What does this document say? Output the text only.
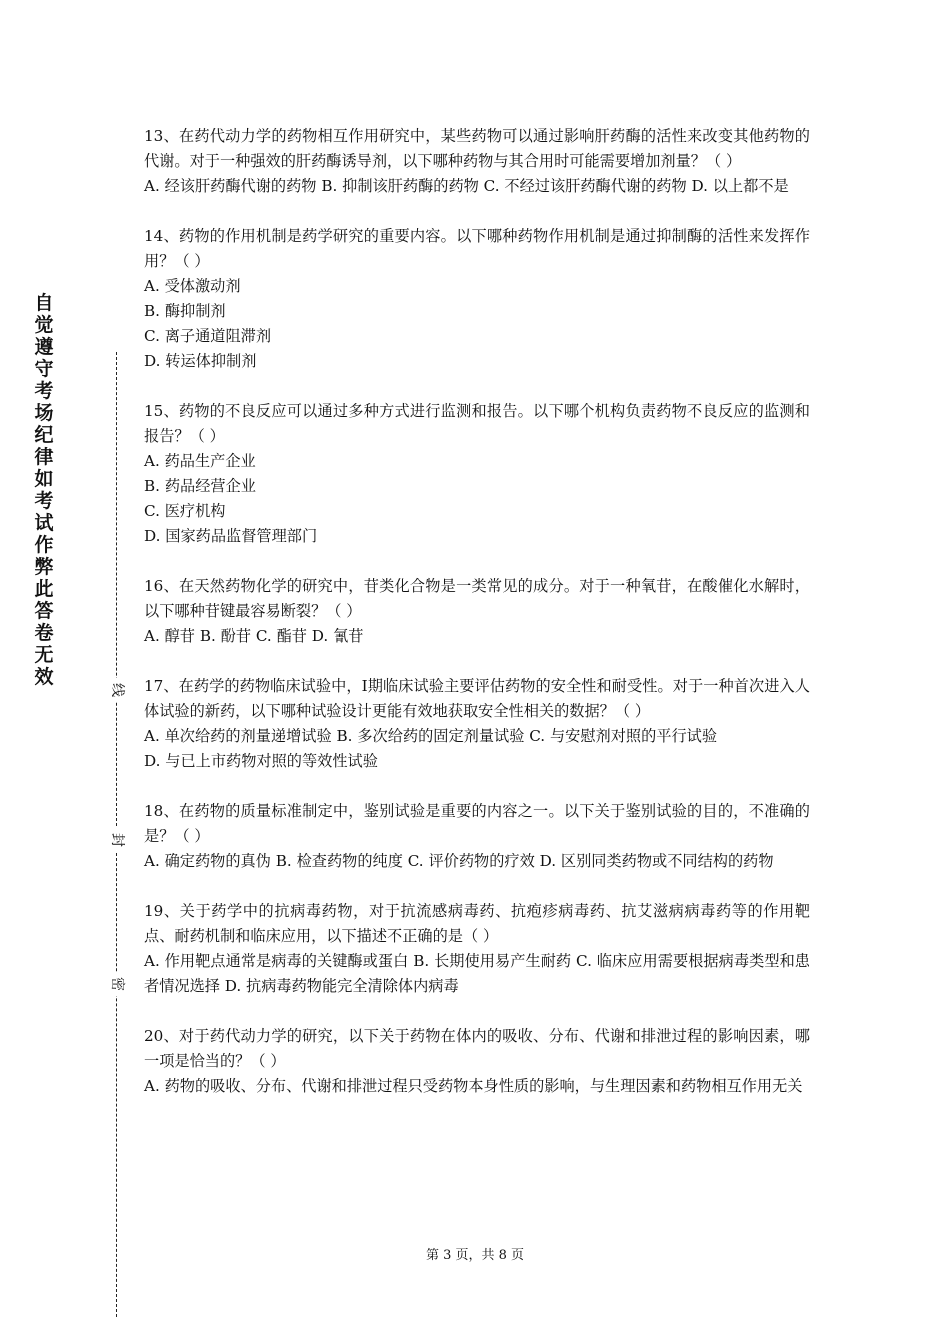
自
觉
遵
守
考
场
纪
律
如
考
试
作
弊
此
答
卷
无
效
线
封
密

13、在药代动力学的药物相互作用研究中，某些药物可以通过影响肝药酶的活性来改变其他药物的代谢。对于一种强效的肝药酶诱导剂，以下哪种药物与其合用时可能需要增加剂量？（ ）

A. 经该肝药酶代谢的药物 B. 抑制该肝药酶的药物 C. 不经过该肝药酶代谢的药物 D. 以上都不是

14、药物的作用机制是药学研究的重要内容。以下哪种药物作用机制是通过抑制酶的活性来发挥作用？（ ）

A. 受体激动剂

B. 酶抑制剂

C. 离子通道阻滞剂

D. 转运体抑制剂

15、药物的不良反应可以通过多种方式进行监测和报告。以下哪个机构负责药物不良反应的监测和报告？（ ）

A. 药品生产企业

B. 药品经营企业

C. 医疗机构

D. 国家药品监督管理部门

16、在天然药物化学的研究中，苷类化合物是一类常见的成分。对于一种氧苷，在酸催化水解时，以下哪种苷键最容易断裂？（ ）

A. 醇苷 B. 酚苷 C. 酯苷 D. 氰苷

17、在药学的药物临床试验中，Ⅰ期临床试验主要评估药物的安全性和耐受性。对于一种首次进入人体试验的新药，以下哪种试验设计更能有效地获取安全性相关的数据？（ ）

A. 单次给药的剂量递增试验 B. 多次给药的固定剂量试验 C. 与安慰剂对照的平行试验

D. 与已上市药物对照的等效性试验

18、在药物的质量标准制定中，鉴别试验是重要的内容之一。以下关于鉴别试验的目的，不准确的是？（ ）

A. 确定药物的真伪 B. 检查药物的纯度 C. 评价药物的疗效 D. 区别同类药物或不同结构的药物

19、关于药学中的抗病毒药物，对于抗流感病毒药、抗疱疹病毒药、抗艾滋病病毒药等的作用靶点、耐药机制和临床应用，以下描述不正确的是（ ）

A. 作用靶点通常是病毒的关键酶或蛋白 B. 长期使用易产生耐药 C. 临床应用需要根据病毒类型和患者情况选择 D. 抗病毒药物能完全清除体内病毒

20、对于药代动力学的研究，以下关于药物在体内的吸收、分布、代谢和排泄过程的影响因素，哪一项是恰当的？（ ）

A. 药物的吸收、分布、代谢和排泄过程只受药物本身性质的影响，与生理因素和药物相互作用无关

第 3 页，共 8 页
